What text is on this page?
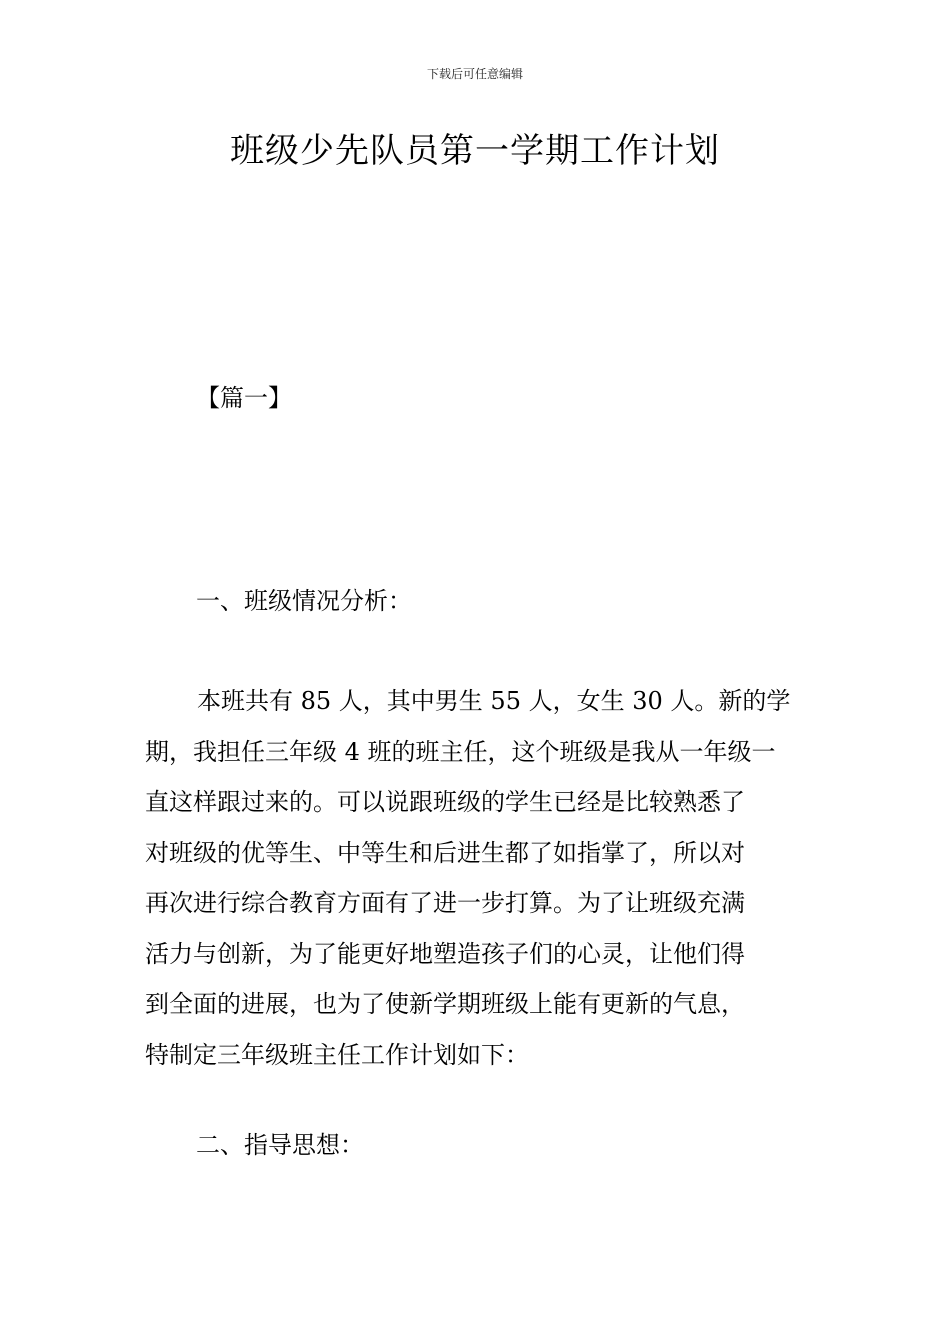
下载后可任意编辑
班级少先队员第一学期工作计划
【篇一】
一、班级情况分析：
本班共有 85 人，其中男生 55 人，女生 30 人。新的学
期，我担任三年级 4 班的班主任，这个班级是我从一年级一
直这样跟过来的。可以说跟班级的学生已经是比较熟悉了
对班级的优等生、中等生和后进生都了如指掌了，所以对
再次进行综合教育方面有了进一步打算。为了让班级充满
活力与创新，为了能更好地塑造孩子们的心灵，让他们得
到全面的进展，也为了使新学期班级上能有更新的气息，
特制定三年级班主任工作计划如下：
二、指导思想：
